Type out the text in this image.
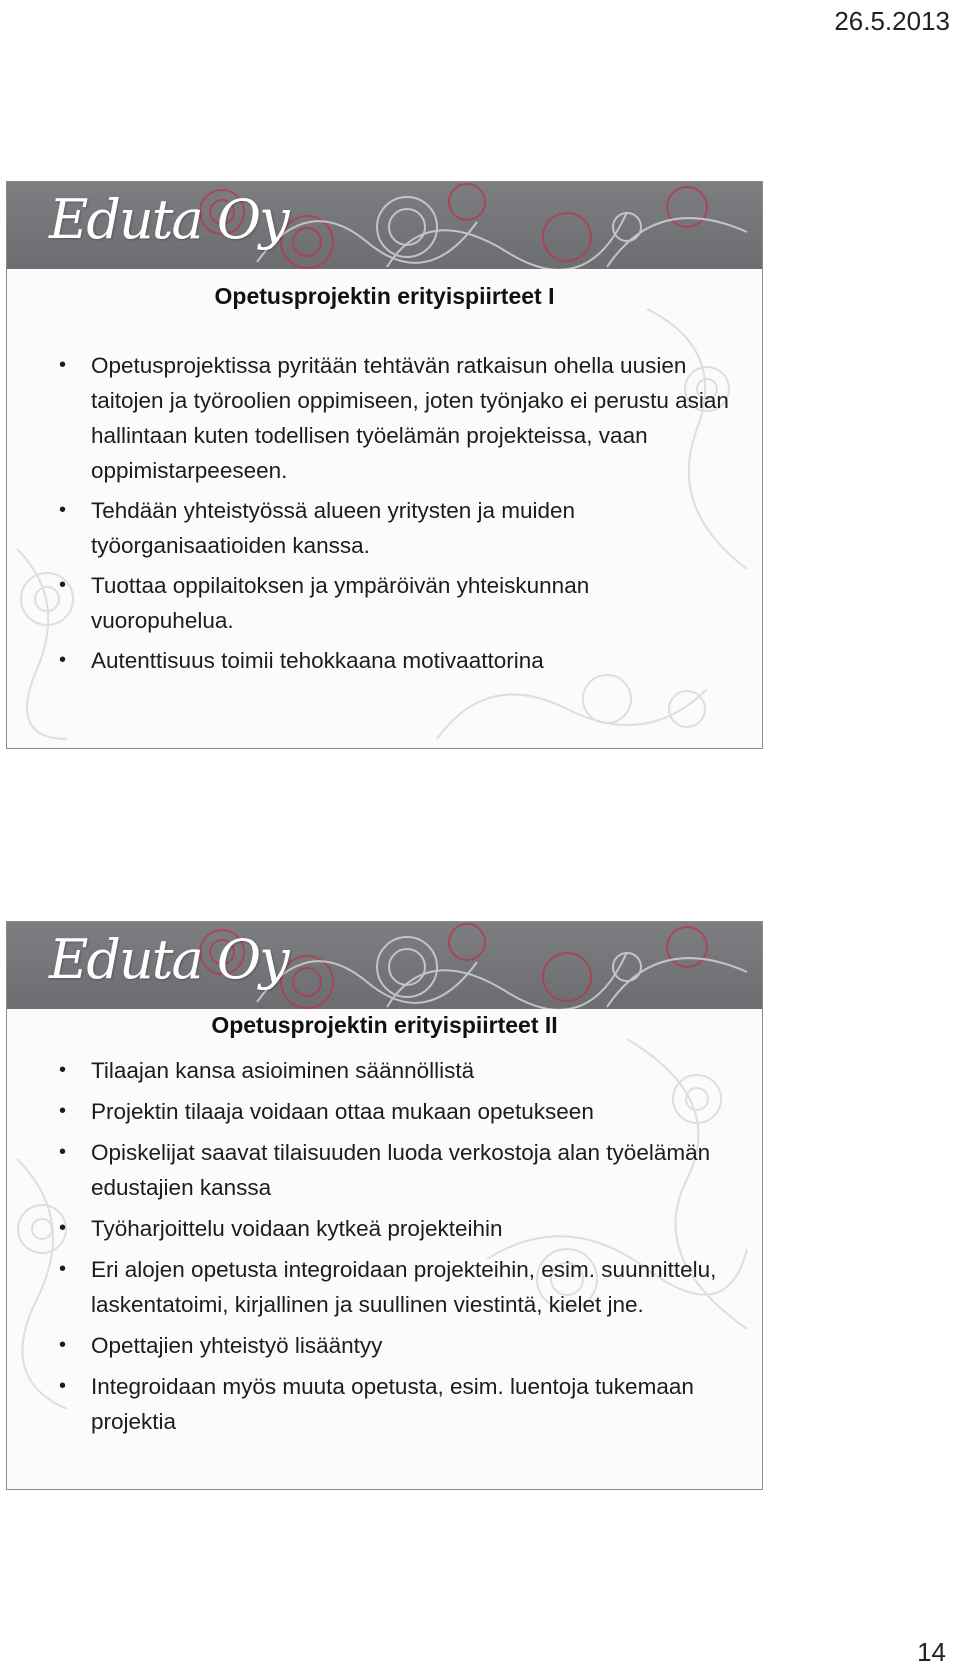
26.5.2013
Eduta Oy
Opetusprojektin erityispiirteet I
• Opetusprojektissa pyritään tehtävän ratkaisun ohella uusien taitojen ja työroolien oppimiseen, joten työnjako ei perustu asian hallintaan kuten todellisen työelämän projekteissa, vaan oppimistarpeeseen.
• Tehdään yhteistyössä alueen yritysten ja muiden työorganisaatioiden kanssa.
• Tuottaa oppilaitoksen ja ympäröivän yhteiskunnan vuoropuhelua.
• Autenttisuus toimii tehokkaana motivaattorina
Eduta Oy
Opetusprojektin erityispiirteet II
• Tilaajan kansa asioiminen säännöllistä
• Projektin tilaaja voidaan ottaa mukaan opetukseen
• Opiskelijat saavat tilaisuuden luoda verkostoja alan työelämän edustajien kanssa
• Työharjoittelu voidaan kytkeä projekteihin
• Eri alojen opetusta integroidaan projekteihin, esim. suunnittelu, laskentatoimi, kirjallinen ja suullinen viestintä, kielet jne.
• Opettajien yhteistyö lisääntyy
• Integroidaan myös muuta opetusta, esim. luentoja tukemaan projektia
14
